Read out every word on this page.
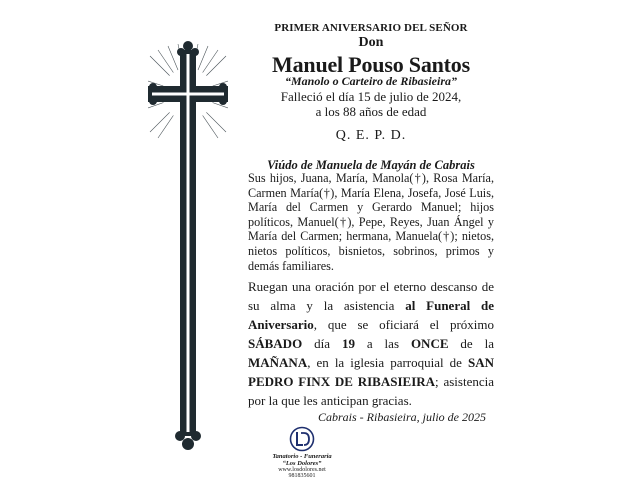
PRIMER ANIVERSARIO DEL SEÑOR
Don
Manuel Pouso Santos
“Manolo o Carteiro de Ribasieira”
Falleció el día 15 de julio de 2024,
a los 88 años de edad
Q. E. P. D.
Viúdo de Manuela de Mayán de Cabrais
Sus hijos, Juana, María, Manola(†), Rosa María, Carmen María(†), María Elena, Josefa, José Luis, María del Carmen y Gerardo Manuel; hijos políticos, Manuel(†), Pepe, Reyes, Juan Ángel y María del Carmen; hermana, Manuela(†); nietos, nietos políticos, bisnietos, sobrinos, primos y demás familiares.
Ruegan una oración por el eterno descanso de su alma y la asistencia al Funeral de Aniversario, que se oficiará el próximo SÁBADO día 19 a las ONCE de la MAÑANA, en la iglesia parroquial de SAN PEDRO FINX DE RIBASIEIRA; asistencia por la que les anticipan gracias.
Cabrais - Ribasieira, julio de 2025
Tanatorio - Funeraria
“Los Dolores”
www.losdolores.net
981835601
